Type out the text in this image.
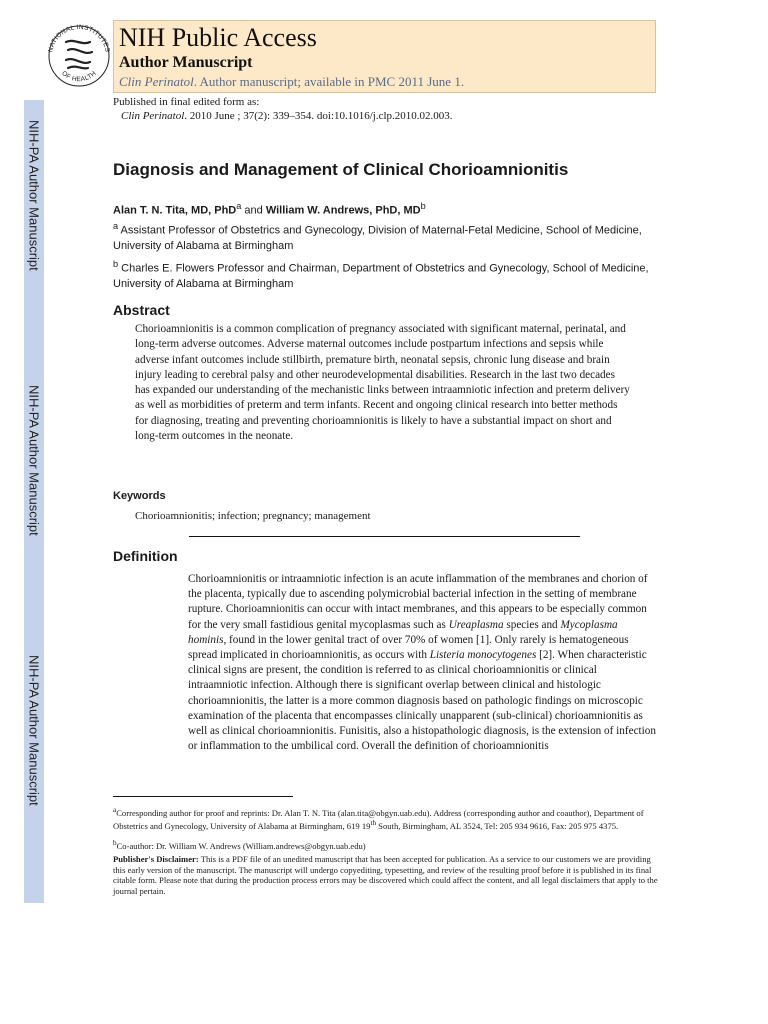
NIH-PA Author Manuscript
NIH-PA Author Manuscript
NIH-PA Author Manuscript
NATIONAL INSTITUTES
OF HEALTH
NIH Public Access
Author Manuscript
Clin Perinatol. Author manuscript; available in PMC 2011 June 1.
Published in final edited form as:
Clin Perinatol. 2010 June ; 37(2): 339–354. doi:10.1016/j.clp.2010.02.003.
Diagnosis and Management of Clinical Chorioamnionitis
Alan T. N. Tita, MD, PhD$^a$ and William W. Andrews, PhD, $MD^b$
$^a$ Assistant Professor of Obstetrics and Gynecology, Division of Maternal-Fetal Medicine, School of Medicine, University of Alabama at Birmingham
$^b$ Charles E. Flowers Professor and Chairman, Department of Obstetrics and Gynecology, School of Medicine, University of Alabama at Birmingham
Abstract
Chorioamnionitis is a common complication of pregnancy associated with significant maternal, perinatal, and long-term adverse outcomes. Adverse maternal outcomes include postpartum infections and sepsis while adverse infant outcomes include stillbirth, premature birth, neonatal sepsis, chronic lung disease and brain injury leading to cerebral palsy and other neurodevelopmental disabilities. Research in the last two decades has expanded our understanding of the mechanistic links between intraamniotic infection and preterm delivery as well as morbidities of preterm and term infants. Recent and ongoing clinical research into better methods for diagnosing, treating and preventing chorioamnionitis is likely to have a substantial impact on short and long-term outcomes in the neonate.
Keywords
Chorioamnionitis; infection; pregnancy; management
Definition
Chorioamnionitis or intraamniotic infection is an acute inflammation of the membranes and chorion of the placenta, typically due to ascending polymicrobial bacterial infection in the setting of membrane rupture. Chorioamnionitis can occur with intact membranes, and this appears to be especially common for the very small fastidious genital mycoplasmas such as Ureaplasma species and Mycoplasma hominis, found in the lower genital tract of over 70% of women [1]. Only rarely is hematogeneous spread implicated in chorioamnionitis, as occurs with Listeria monocytogenes [2]. When characteristic clinical signs are present, the condition is referred to as clinical chorioamnionitis or clinical intraamniotic infection. Although there is significant overlap between clinical and histologic chorioamnionitis, the latter is a more common diagnosis based on pathologic findings on microscopic examination of the placenta that encompasses clinically unapparent (sub-clinical) chorioamnionitis as well as clinical chorioamnionitis. Funisitis, also a histopathologic diagnosis, is the extension of infection or inflammation to the umbilical cord. Overall the definition of chorioamnionitis
$^a$Corresponding author for proof and reprints: Dr. Alan T. N. Tita (alan.tita@obgyn.uab.edu). Address (corresponding author and coauthor), Department of Obstetrics and Gynecology, University of Alabama at Birmingham, 619 19th South, Birmingham, AL 3524, Tel: 205 934 9616, Fax: 205 975 4375.
$^b$Co-author: Dr. William W. Andrews (William.andrews@obgyn.uab.edu)
Publisher's Disclaimer: This is a PDF file of an unedited manuscript that has been accepted for publication. As a service to our customers we are providing this early version of the manuscript. The manuscript will undergo copyediting, typesetting, and review of the resulting proof before it is published in its final citable form. Please note that during the production process errors may be discovered which could affect the content, and all legal disclaimers that apply to the journal pertain.
